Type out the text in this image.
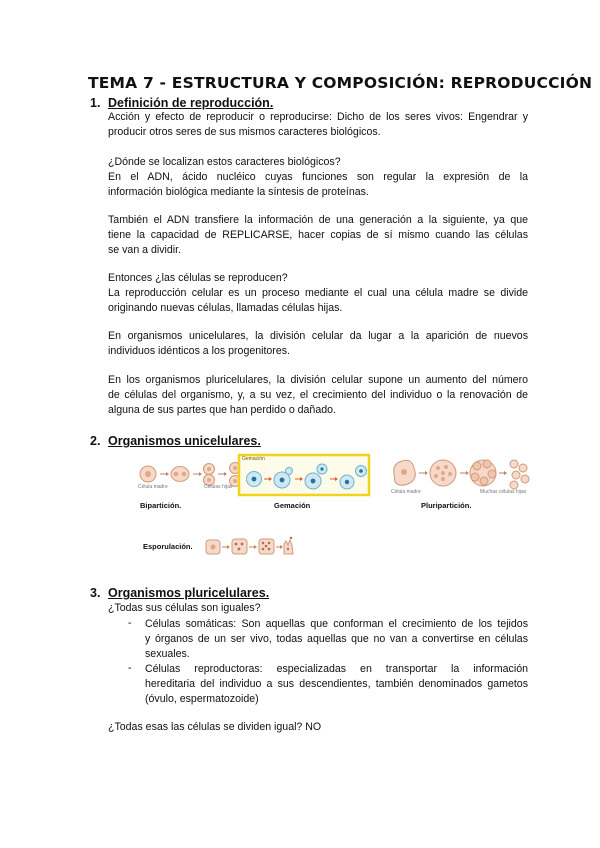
TEMA 7 - ESTRUCTURA Y COMPOSICIÓN: REPRODUCCIÓN
1. Definición de reproducción.
Acción y efecto de reproducir o reproducirse: Dicho de los seres vivos: Engendrar y
producir otros seres de sus mismos caracteres biológicos.
¿Dónde se localizan estos caracteres biológicos?
En el ADN, ácido nucléico cuyas funciones son regular la expresión de la
información biológica mediante la síntesis de proteínas.
También el ADN transfiere la información de una generación a la siguiente, ya que
tiene la capacidad de REPLICARSE, hacer copias de sí mismo cuando las células
se van a dividir.
Entonces ¿las células se reproducen?
La reproducción celular es un proceso mediante el cual una célula madre se divide
originando nuevas células, llamadas células hijas.
En organismos unicelulares, la división celular da lugar a la aparición de nuevos
individuos idénticos a los progenitores.
En los organismos pluricelulares, la división celular supone un aumento del número
de células del organismo, y, a su vez, el crecimiento del individuo o la renovación de
alguna de sus partes que han perdido o dañado.
2. Organismos unicelulares.
Célula madre	Células hijas
Bipartición.
Gemación
Gemación
Célula madre	Muchas células hijas
Pluripartición.
Esporulación.
3. Organismos pluricelulares.
¿Todas sus células son iguales?
- Células somáticas: Son aquellas que conforman el crecimiento de los tejidos
y órganos de un ser vivo, todas aquellas que no van a convertirse en células
sexuales.
- Células reproductoras: especializadas en transportar la información
hereditaria del individuo a sus descendientes, también denominados gametos
(óvulo, espermatozoide)
¿Todas esas las células se dividen igual? NO
